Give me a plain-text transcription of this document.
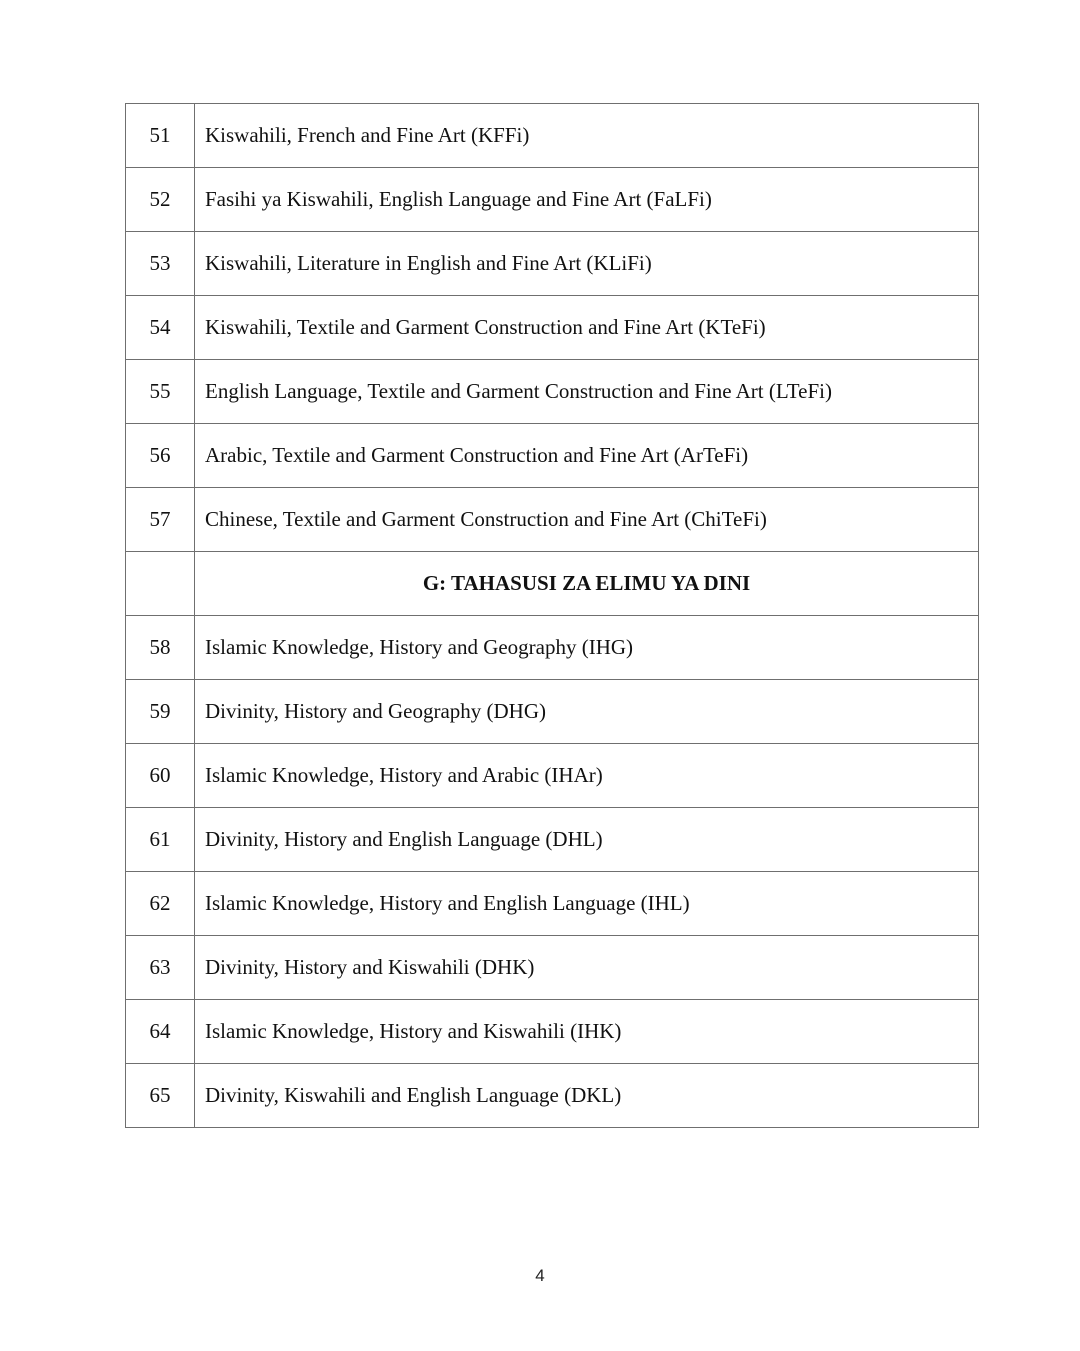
51	Kiswahili, French and Fine Art (KFFi)
52	Fasihi ya Kiswahili, English Language and Fine Art (FaLFi)
53	Kiswahili, Literature in English and Fine Art (KLiFi)
54	Kiswahili, Textile and Garment Construction and Fine Art (KTeFi)
55	English Language, Textile and Garment Construction and Fine Art (LTeFi)
56	Arabic, Textile and Garment Construction and Fine Art (ArTeFi)
57	Chinese, Textile and Garment Construction and Fine Art (ChiTeFi)
	G: TAHASUSI ZA ELIMU YA DINI
58	Islamic Knowledge, History and Geography (IHG)
59	Divinity, History and Geography (DHG)
60	Islamic Knowledge, History and Arabic (IHAr)
61	Divinity, History and English Language (DHL)
62	Islamic Knowledge, History and English Language (IHL)
63	Divinity, History and Kiswahili (DHK)
64	Islamic Knowledge, History and Kiswahili (IHK)
65	Divinity, Kiswahili and English Language (DKL)
4
